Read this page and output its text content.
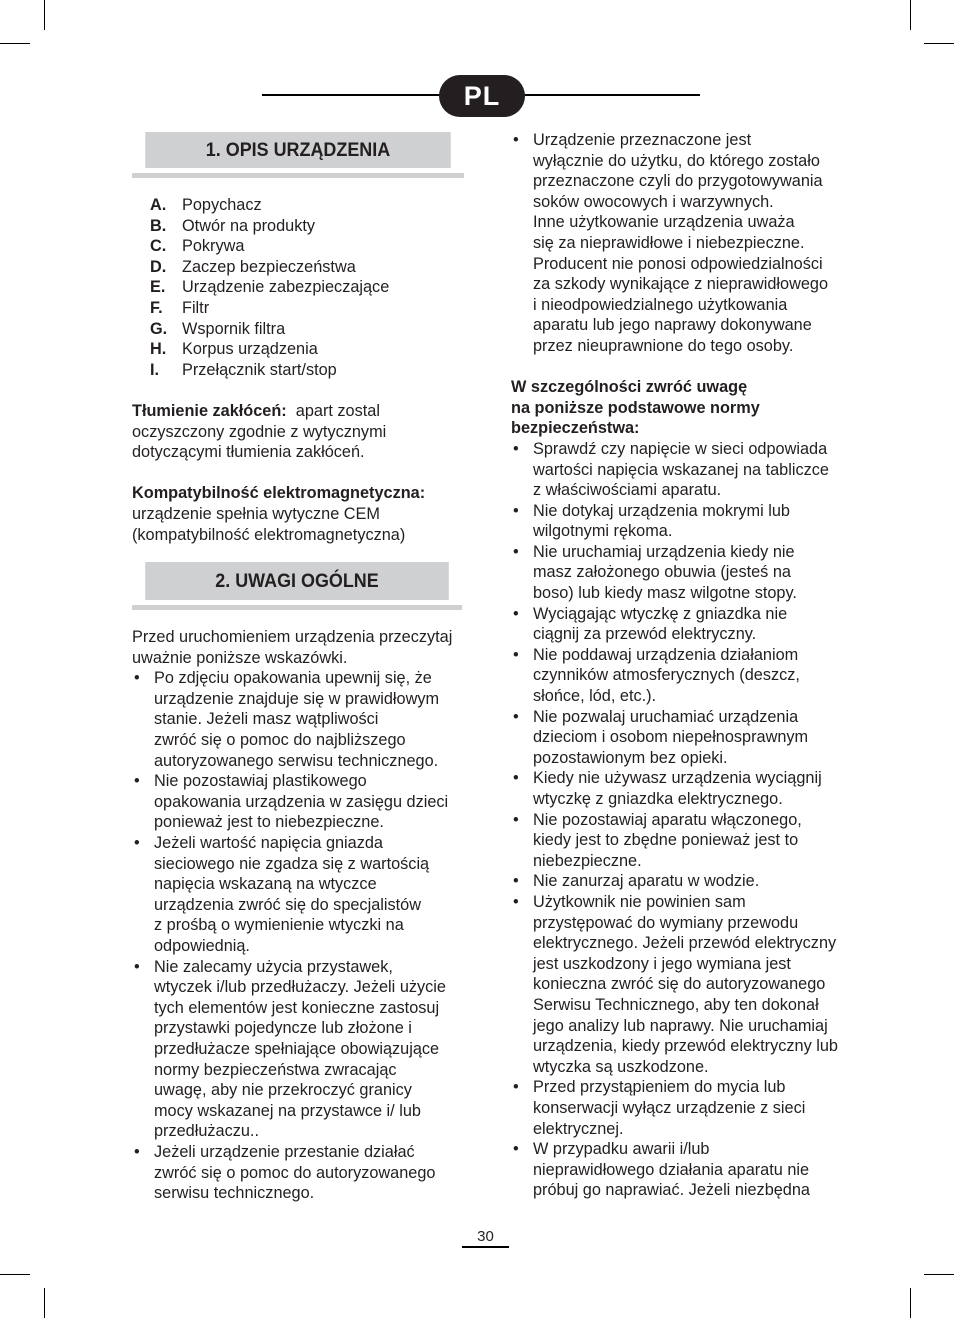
PL
1. OPIS URZĄDZENIA
A. Popychacz
B. Otwór na produkty
C. Pokrywa
D. Zaczep bezpieczeństwa
E.	Urządzenie zabezpieczające
F.	Filtr
G. Wspornik filtra
H. Korpus urządzenia
I.	Przełącznik start/stop

Tłumienie zakłóceń: apart zostal
oczyszczony zgodnie z wytycznymi
dotyczącymi tłumienia zakłóceń.

Kompatybilność elektromagnetyczna:
urządzenie spełnia wytyczne CEM
(kompatybilność elektromagnetyczna)

2. UWAGI OGÓLNE

Przed uruchomieniem urządzenia przeczytaj
uważnie poniższe wskazówki.

• Po zdjęciu opakowania upewnij się, że
urządzenie znajduje się w prawidłowym
stanie. Jeżeli masz wątpliwości
zwróć się o pomoc do najbliższego
autoryzowanego serwisu technicznego.
• Nie pozostawiaj plastikowego
opakowania urządzenia w zasięgu dzieci
ponieważ jest to niebezpieczne.
• Jeżeli wartość napięcia gniazda
sieciowego nie zgadza się z wartością
napięcia wskazaną na wtyczce
urządzenia zwróć się do specjalistów
z prośbą o wymienienie wtyczki na
odpowiednią.
• Nie zalecamy użycia przystawek,
wtyczek i/lub przedłużaczy. Jeżeli użycie
tych elementów jest konieczne zastosuj
przystawki pojedyncze lub złożone i
przedłużacze spełniające obowiązujące
normy bezpieczeństwa zwracając
uwagę, aby nie przekroczyć granicy
mocy wskazanej na przystawce i/ lub
przedłużaczu..
• Jeżeli urządzenie przestanie działać
zwróć się o pomoc do autoryzowanego
serwisu technicznego.
• Urządzenie przeznaczone jest
wyłącznie do użytku, do którego zostało
przeznaczone czyli do przygotowywania
soków owocowych i warzywnych.
Inne użytkowanie urządzenia uważa
się za nieprawidłowe i niebezpieczne.
Producent nie ponosi odpowiedzialności
za szkody wynikające z nieprawidłowego
i nieodpowiedzialnego użytkowania
aparatu lub jego naprawy dokonywane
przez nieuprawnione do tego osoby.

W szczególności zwróć uwagę
na poniższe podstawowe normy
bezpieczeństwa:

• Sprawdź czy napięcie w sieci odpowiada
wartości napięcia wskazanej na tabliczce
z właściwościami aparatu.
• Nie dotykaj urządzenia mokrymi lub
wilgotnymi rękoma.
• Nie uruchamiaj urządzenia kiedy nie
masz założonego obuwia (jesteś na
boso) lub kiedy masz wilgotne stopy.
• Wyciągając wtyczkę z gniazdka nie
ciągnij za przewód elektryczny.
• Nie poddawaj urządzenia działaniom
czynników atmosferycznych (deszcz,
słońce, lód, etc.).
• Nie pozwalaj uruchamiać urządzenia
dzieciom i osobom niepełnosprawnym
pozostawionym bez opieki.
• Kiedy nie używasz urządzenia wyciągnij
wtyczkę z gniazdka elektrycznego.
• Nie pozostawiaj aparatu włączonego,
kiedy jest to zbędne ponieważ jest to
niebezpieczne.
• Nie zanurzaj aparatu w wodzie.
• Użytkownik nie powinien sam
przystępować do wymiany przewodu
elektrycznego. Jeżeli przewód elektryczny
jest uszkodzony i jego wymiana jest
konieczna zwróć się do autoryzowanego
Serwisu Technicznego, aby ten dokonał
jego analizy lub naprawy. Nie uruchamiaj
urządzenia, kiedy przewód elektryczny lub
wtyczka są uszkodzone.
• Przed przystąpieniem do mycia lub
konserwacji wyłącz urządzenie z sieci
elektrycznej.
• W przypadku awarii i/lub
nieprawidłowego działania aparatu nie
próbuj go naprawiać. Jeżeli niezbędna
30
